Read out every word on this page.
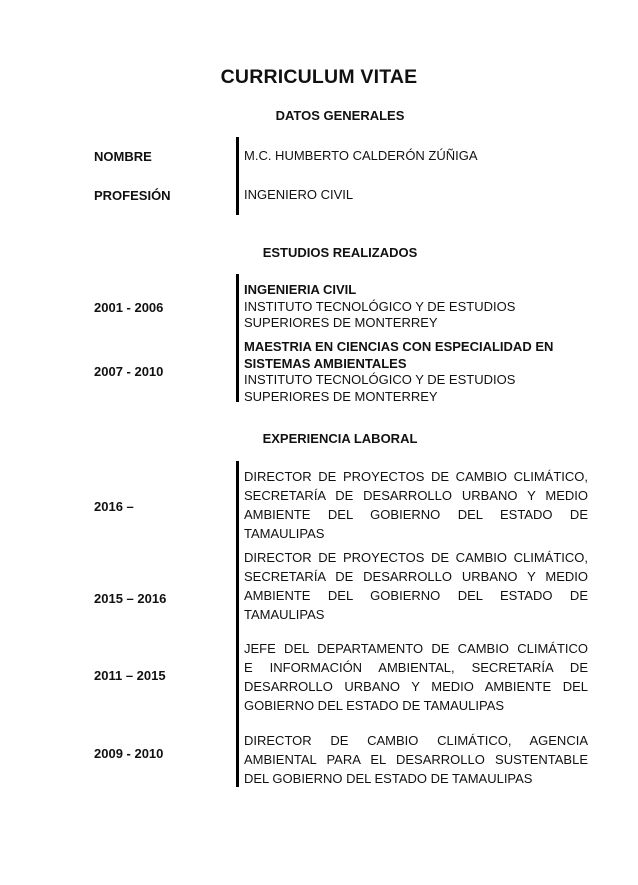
CURRICULUM VITAE
DATOS GENERALES
NOMBRE	M.C. HUMBERTO CALDERÓN ZÚÑIGA
PROFESIÓN	INGENIERO CIVIL
ESTUDIOS REALIZADOS
2001 - 2006
INGENIERIA CIVIL
INSTITUTO TECNOLÓGICO Y DE ESTUDIOS
SUPERIORES DE MONTERREY
2007 - 2010
MAESTRIA EN CIENCIAS CON ESPECIALIDAD EN
SISTEMAS AMBIENTALES
INSTITUTO TECNOLÓGICO Y DE ESTUDIOS
SUPERIORES DE MONTERREY
EXPERIENCIA LABORAL
2016 –
DIRECTOR DE PROYECTOS DE CAMBIO CLIMÁTICO,
SECRETARÍA DE DESARROLLO URBANO Y MEDIO
AMBIENTE DEL GOBIERNO DEL ESTADO DE
TAMAULIPAS
2015 – 2016
DIRECTOR DE PROYECTOS DE CAMBIO CLIMÁTICO,
SECRETARÍA DE DESARROLLO URBANO Y MEDIO
AMBIENTE DEL GOBIERNO DEL ESTADO DE
TAMAULIPAS
2011 – 2015
JEFE DEL DEPARTAMENTO DE CAMBIO CLIMÁTICO
E INFORMACIÓN AMBIENTAL, SECRETARÍA DE
DESARROLLO URBANO Y MEDIO AMBIENTE DEL
GOBIERNO DEL ESTADO DE TAMAULIPAS
2009 - 2010
DIRECTOR DE CAMBIO CLIMÁTICO, AGENCIA
AMBIENTAL PARA EL DESARROLLO SUSTENTABLE
DEL GOBIERNO DEL ESTADO DE TAMAULIPAS
